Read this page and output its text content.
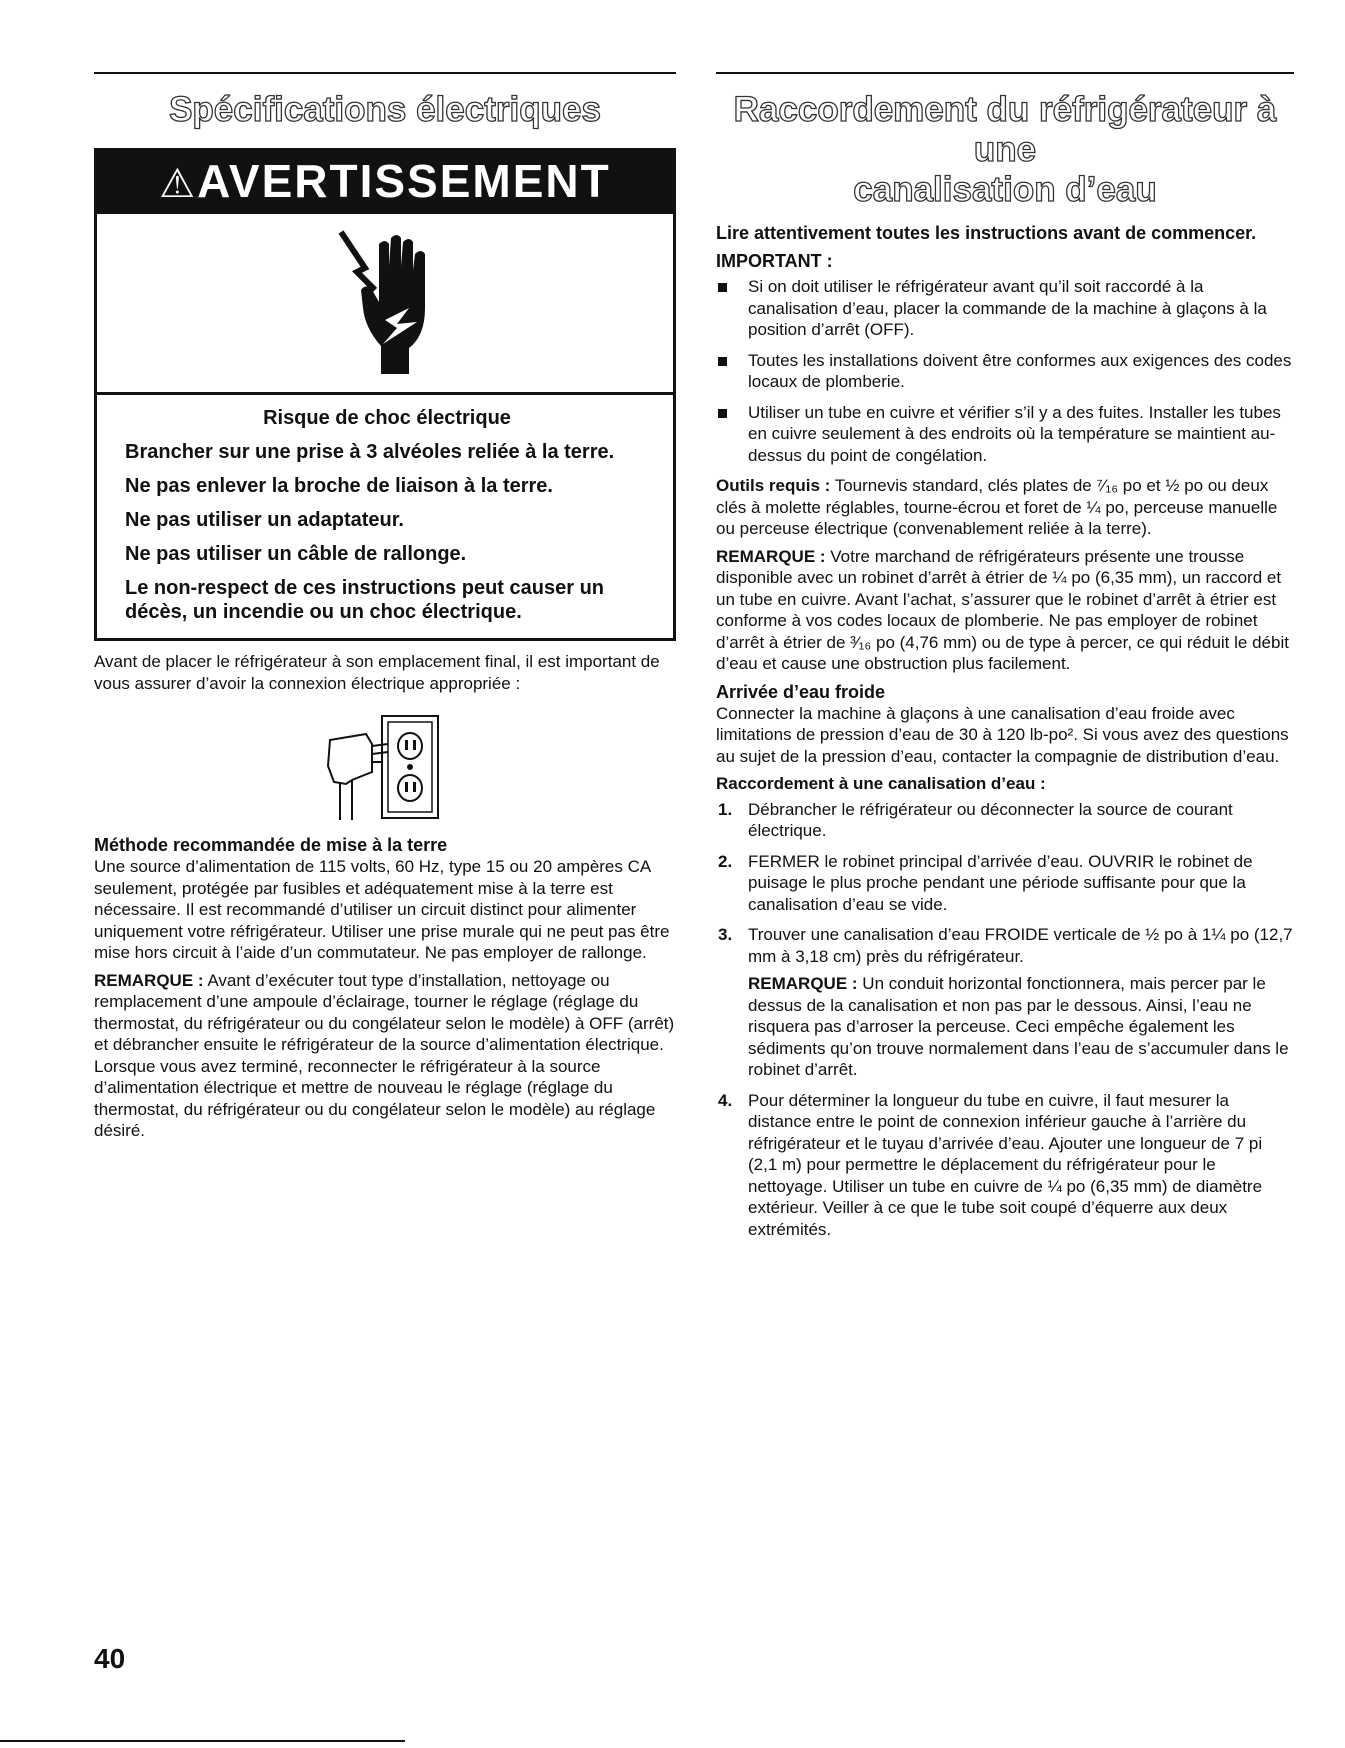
Spécifications électriques
⚠AVERTISSEMENT

Risque de choc électrique

Brancher sur une prise à 3 alvéoles reliée à la terre.

Ne pas enlever la broche de liaison à la terre.

Ne pas utiliser un adaptateur.

Ne pas utiliser un câble de rallonge.

Le non-respect de ces instructions peut causer un décès, un incendie ou un choc électrique.

Avant de placer le réfrigérateur à son emplacement final, il est important de vous assurer d’avoir la connexion électrique appropriée :

Méthode recommandée de mise à la terre

Une source d’alimentation de 115 volts, 60 Hz, type 15 ou 20 ampères CA seulement, protégée par fusibles et adéquatement mise à la terre est nécessaire. Il est recommandé d’utiliser un circuit distinct pour alimenter uniquement votre réfrigérateur. Utiliser une prise murale qui ne peut pas être mise hors circuit à l’aide d’un commutateur. Ne pas employer de rallonge.

REMARQUE : Avant d’exécuter tout type d’installation, nettoyage ou remplacement d’une ampoule d’éclairage, tourner le réglage (réglage du thermostat, du réfrigérateur ou du congélateur selon le modèle) à OFF (arrêt) et débrancher ensuite le réfrigérateur de la source d’alimentation électrique. Lorsque vous avez terminé, reconnecter le réfrigérateur à la source d’alimentation électrique et mettre de nouveau le réglage (réglage du thermostat, du réfrigérateur ou du congélateur selon le modèle) au réglage désiré.

Raccordement du réfrigérateur à une
canalisation d’eau

Lire attentivement toutes les instructions avant de commencer.

IMPORTANT :

Si on doit utiliser le réfrigérateur avant qu’il soit raccordé à la canalisation d’eau, placer la commande de la machine à glaçons à la position d’arrêt (OFF).
Toutes les installations doivent être conformes aux exigences des codes locaux de plomberie.
Utiliser un tube en cuivre et vérifier s’il y a des fuites. Installer les tubes en cuivre seulement à des endroits où la température se maintient au-dessus du point de congélation.

Outils requis : Tournevis standard, clés plates de ⁷⁄₁₆ po et ½ po ou deux clés à molette réglables, tourne-écrou et foret de ¼ po, perceuse manuelle ou perceuse électrique (convenablement reliée à la terre).

REMARQUE : Votre marchand de réfrigérateurs présente une trousse disponible avec un robinet d’arrêt à étrier de ¼ po (6,35 mm), un raccord et un tube en cuivre. Avant l’achat, s’assurer que le robinet d’arrêt à étrier est conforme à vos codes locaux de plomberie. Ne pas employer de robinet d’arrêt à étrier de ³⁄₁₆ po (4,76 mm) ou de type à percer, ce qui réduit le débit d’eau et cause une obstruction plus facilement.

Arrivée d’eau froide

Connecter la machine à glaçons à une canalisation d’eau froide avec limitations de pression d’eau de 30 à 120 lb-po². Si vous avez des questions au sujet de la pression d’eau, contacter la compagnie de distribution d’eau.

Raccordement à une canalisation d’eau :

1. Débrancher le réfrigérateur ou déconnecter la source de courant électrique.
2. FERMER le robinet principal d’arrivée d’eau. OUVRIR le robinet de puisage le plus proche pendant une période suffisante pour que la canalisation d’eau se vide.
3. Trouver une canalisation d’eau FROIDE verticale de ½ po à 1¼ po (12,7 mm à 3,18 cm) près du réfrigérateur.

REMARQUE : Un conduit horizontal fonctionnera, mais percer par le dessus de la canalisation et non pas par le dessous. Ainsi, l’eau ne risquera pas d’arroser la perceuse. Ceci empêche également les sédiments qu’on trouve normalement dans l’eau de s’accumuler dans le robinet d’arrêt.

4. Pour déterminer la longueur du tube en cuivre, il faut mesurer la distance entre le point de connexion inférieur gauche à l’arrière du réfrigérateur et le tuyau d’arrivée d’eau. Ajouter une longueur de 7 pi (2,1 m) pour permettre le déplacement du réfrigérateur pour le nettoyage. Utiliser un tube en cuivre de ¼ po (6,35 mm) de diamètre extérieur. Veiller à ce que le tube soit coupé d’équerre aux deux extrémités.
40
